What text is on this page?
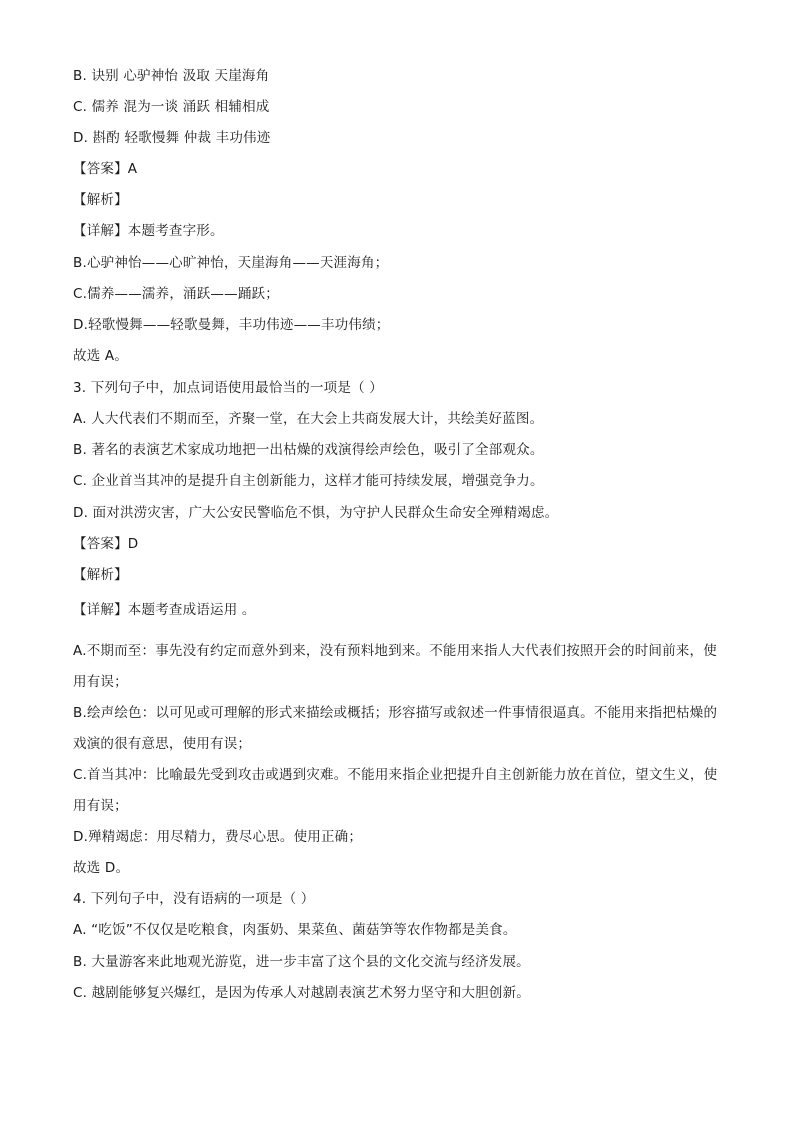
B. 诀别 心驴神怡 汲取 天崖海角
C. 儒养 混为一谈 涌跃 相辅相成
D. 斟酌 轻歌慢舞 仲裁 丰功伟迹
【答案】A
【解析】
【详解】本题考查字形。
B.心驴神怡——心旷神怡，天崖海角——天涯海角；
C.儒养——濡养，涌跃——踊跃；
D.轻歌慢舞——轻歌曼舞，丰功伟迹——丰功伟绩；
故选 A。
3. 下列句子中，加点词语使用最恰当的一项是（ ）
A. 人大代表们不期而至，齐聚一堂，在大会上共商发展大计，共绘美好蓝图。
B. 著名的表演艺术家成功地把一出枯燥的戏演得绘声绘色，吸引了全部观众。
C. 企业首当其冲的是提升自主创新能力，这样才能可持续发展，增强竞争力。
D. 面对洪涝灾害，广大公安民警临危不惧，为守护人民群众生命安全殚精竭虑。
【答案】D
【解析】
【详解】本题考查成语运用 。
A.不期而至：事先没有约定而意外到来，没有预料地到来。不能用来指人大代表们按照开会的时间前来，使用有误；
B.绘声绘色：以可见或可理解的形式来描绘或概括；形容描写或叙述一件事情很逼真。不能用来指把枯燥的戏演的很有意思，使用有误；
C.首当其冲：比喻最先受到攻击或遇到灾难。不能用来指企业把提升自主创新能力放在首位，望文生义，使用有误；
D.殚精竭虑：用尽精力，费尽心思。使用正确；
故选 D。
4. 下列句子中，没有语病的一项是（ ）
A. “吃饭”不仅仅是吃粮食，肉蛋奶、果菜鱼、菌菇笋等农作物都是美食。
B. 大量游客来此地观光游览，进一步丰富了这个县的文化交流与经济发展。
C. 越剧能够复兴爆红，是因为传承人对越剧表演艺术努力坚守和大胆创新。
